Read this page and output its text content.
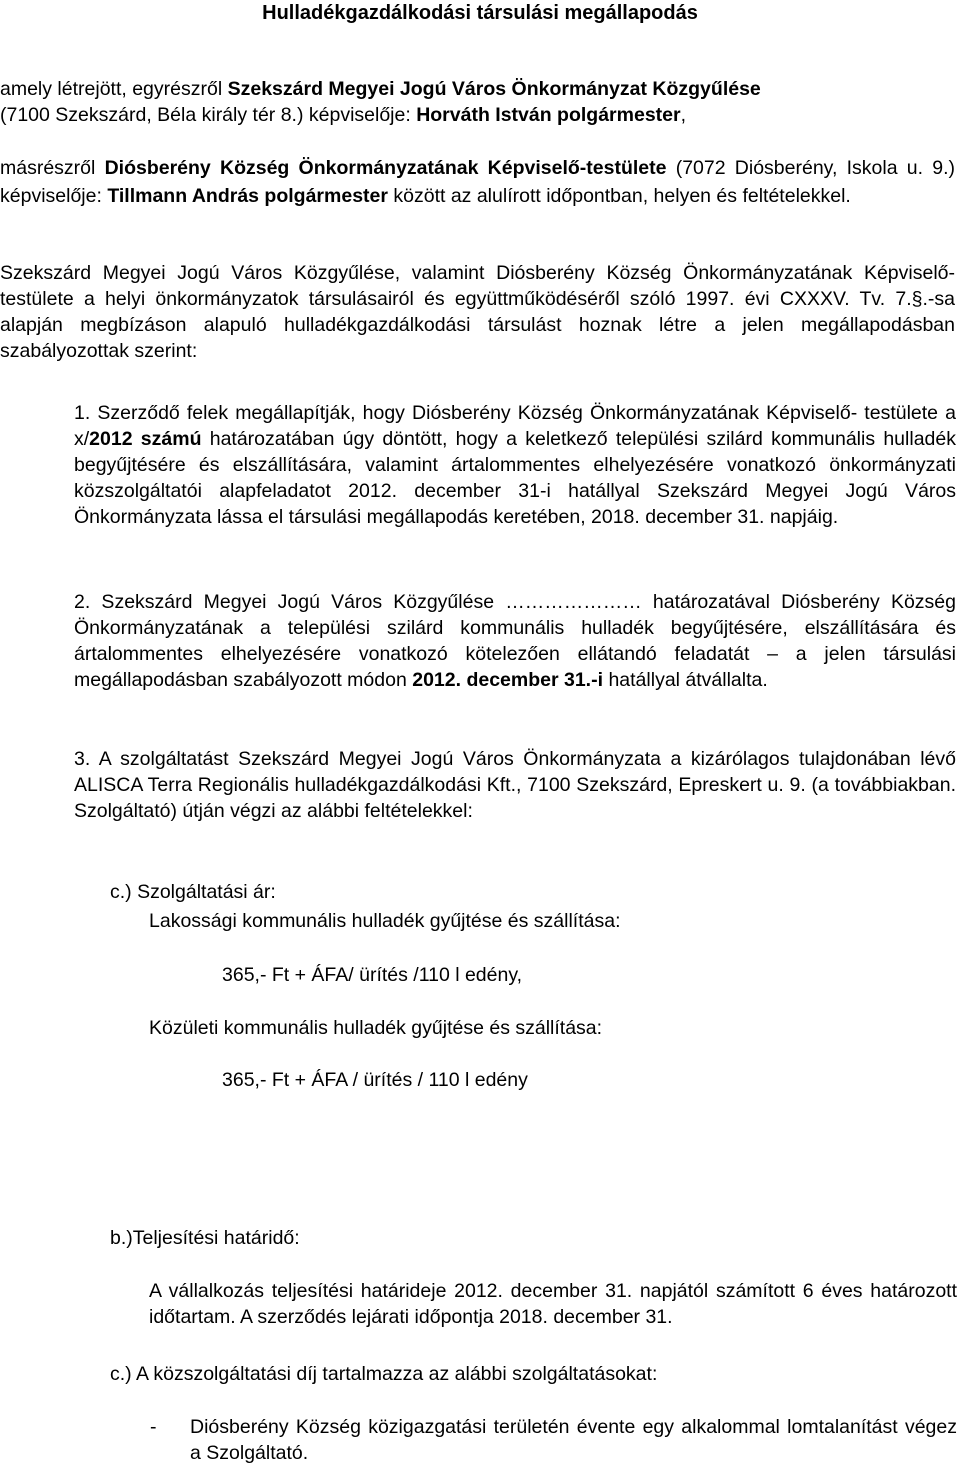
Hulladékgazdálkodási társulási megállapodás

amely létrejött, egyrészről Szekszárd Megyei Jogú Város Önkormányzat Közgyűlése
(7100 Szekszárd, Béla király tér 8.) képviselője: Horváth István polgármester,

másrészről Diósberény Község Önkormányzatának Képviselő-testülete (7072 Diósberény, Iskola u. 9.) képviselője: Tillmann András polgármester között az alulírott időpontban, helyen és feltételekkel.

Szekszárd Megyei Jogú Város Közgyűlése, valamint Diósberény Község Önkormányzatának Képviselő-testülete a helyi önkormányzatok társulásairól és együttműködéséről szóló 1997. évi CXXXV. Tv. 7.§.-sa alapján megbízáson alapuló hulladékgazdálkodási társulást hoznak létre a jelen megállapodásban szabályozottak szerint:

1. Szerződő felek megállapítják, hogy Diósberény Község Önkormányzatának Képviselő- testülete a x/2012 számú határozatában úgy döntött, hogy a keletkező települési szilárd kommunális hulladék begyűjtésére és elszállítására, valamint ártalommentes elhelyezésére vonatkozó önkormányzati közszolgáltatói alapfeladatot 2012. december 31-i hatállyal Szekszárd Megyei Jogú Város Önkormányzata lássa el társulási megállapodás keretében, 2018. december 31. napjáig.

2. Szekszárd Megyei Jogú Város Közgyűlése ………………… határozatával Diósberény Község Önkormányzatának a települési szilárd kommunális hulladék begyűjtésére, elszállítására és ártalommentes elhelyezésére vonatkozó kötelezően ellátandó feladatát – a jelen társulási megállapodásban szabályozott módon 2012. december 31.-i hatállyal átvállalta.

3. A szolgáltatást Szekszárd Megyei Jogú Város Önkormányzata a kizárólagos tulajdonában lévő ALISCA Terra Regionális hulladékgazdálkodási Kft., 7100 Szekszárd, Epreskert u. 9. (a továbbiakban. Szolgáltató) útján végzi az alábbi feltételekkel:

c.) Szolgáltatási ár:

Lakossági kommunális hulladék gyűjtése és szállítása:

365,- Ft + ÁFA/ ürítés /110 l edény,

Közületi kommunális hulladék gyűjtése és szállítása:

365,- Ft + ÁFA / ürítés / 110 l edény

b.)Teljesítési határidő:

A vállalkozás teljesítési határideje 2012. december 31. napjától számított 6 éves határozott időtartam. A szerződés lejárati időpontja 2018. december 31.

c.) A közszolgáltatási díj tartalmazza az alábbi szolgáltatásokat:

- Diósberény Község közigazgatási területén évente egy alkalommal lomtalanítást végez a Szolgáltató.
